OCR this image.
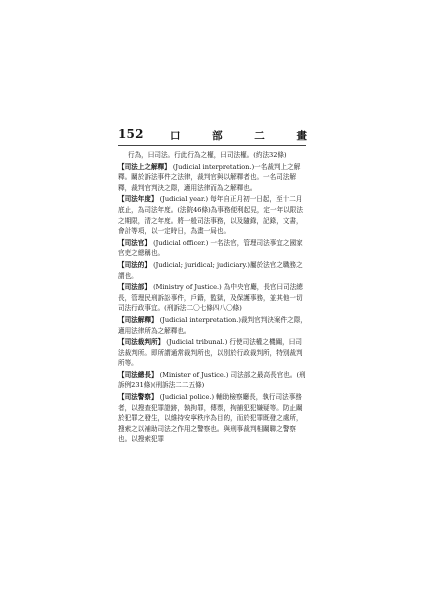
152	口 部 二 畫
行為，曰司法。行此行為之權，曰司法權。(約法32條)
【司法上之解釋】 (Judicial interpretation.)一名裁判上之解釋。關於訴法事件之法律，裁判官與以解釋者也。一名司法解釋，裁判官判決之際，適用法律而為之解釋也。
【司法年度】 (Judicial year.) 每年自正月初一日起，至十二月底止，為司法年度。(法院46條)為事務便利起見，定一年以限法之期限，清之年度。將一般司法事務，以及隨錄，記錄，文書，會計等項，以一定時日，為畫一局也。
【司法官】 (Judicial officer.) 一名法官，管理司法事宜之國家官吏之總稱也。
【司法的】 (Judicial; juridical; judiciary.)屬於法官之職務之謂也。
【司法部】 (Ministry of Justice.) 為中央官廳，長官曰司法總長，管理民刑訴訟事件，戶籍，監獄，及保護事務，並其他一切司法行政事宜。(刑訴法二〇七條四八〇條)
【司法解釋】 (Judicial interpretation.)裁判官判決案件之際，適用法律所為之解釋也。
【司法裁判所】 (Judicial tribunal.) 行使司法權之機關，曰司法裁判所。即所謂通常裁判所也，以別於行政裁判所，特別裁判所等。
【司法總長】 (Minister of Justice.) 司法部之最高長官也。(刑訴例231條)(刑訴法二二五條)
【司法警察】 (Judicial police.) 輔助檢察廳長，執行司法事務者，以搜查犯罪證跡，執拘罪，傳票，拘捕犯犯嫌疑等。防止關於犯罪之發生，以維持安寧秩序為目的，而於犯罪既發之處所，搜索之以補助司法之作用之警察也。與刑事裁判相關聯之警察也。以搜索犯罪
